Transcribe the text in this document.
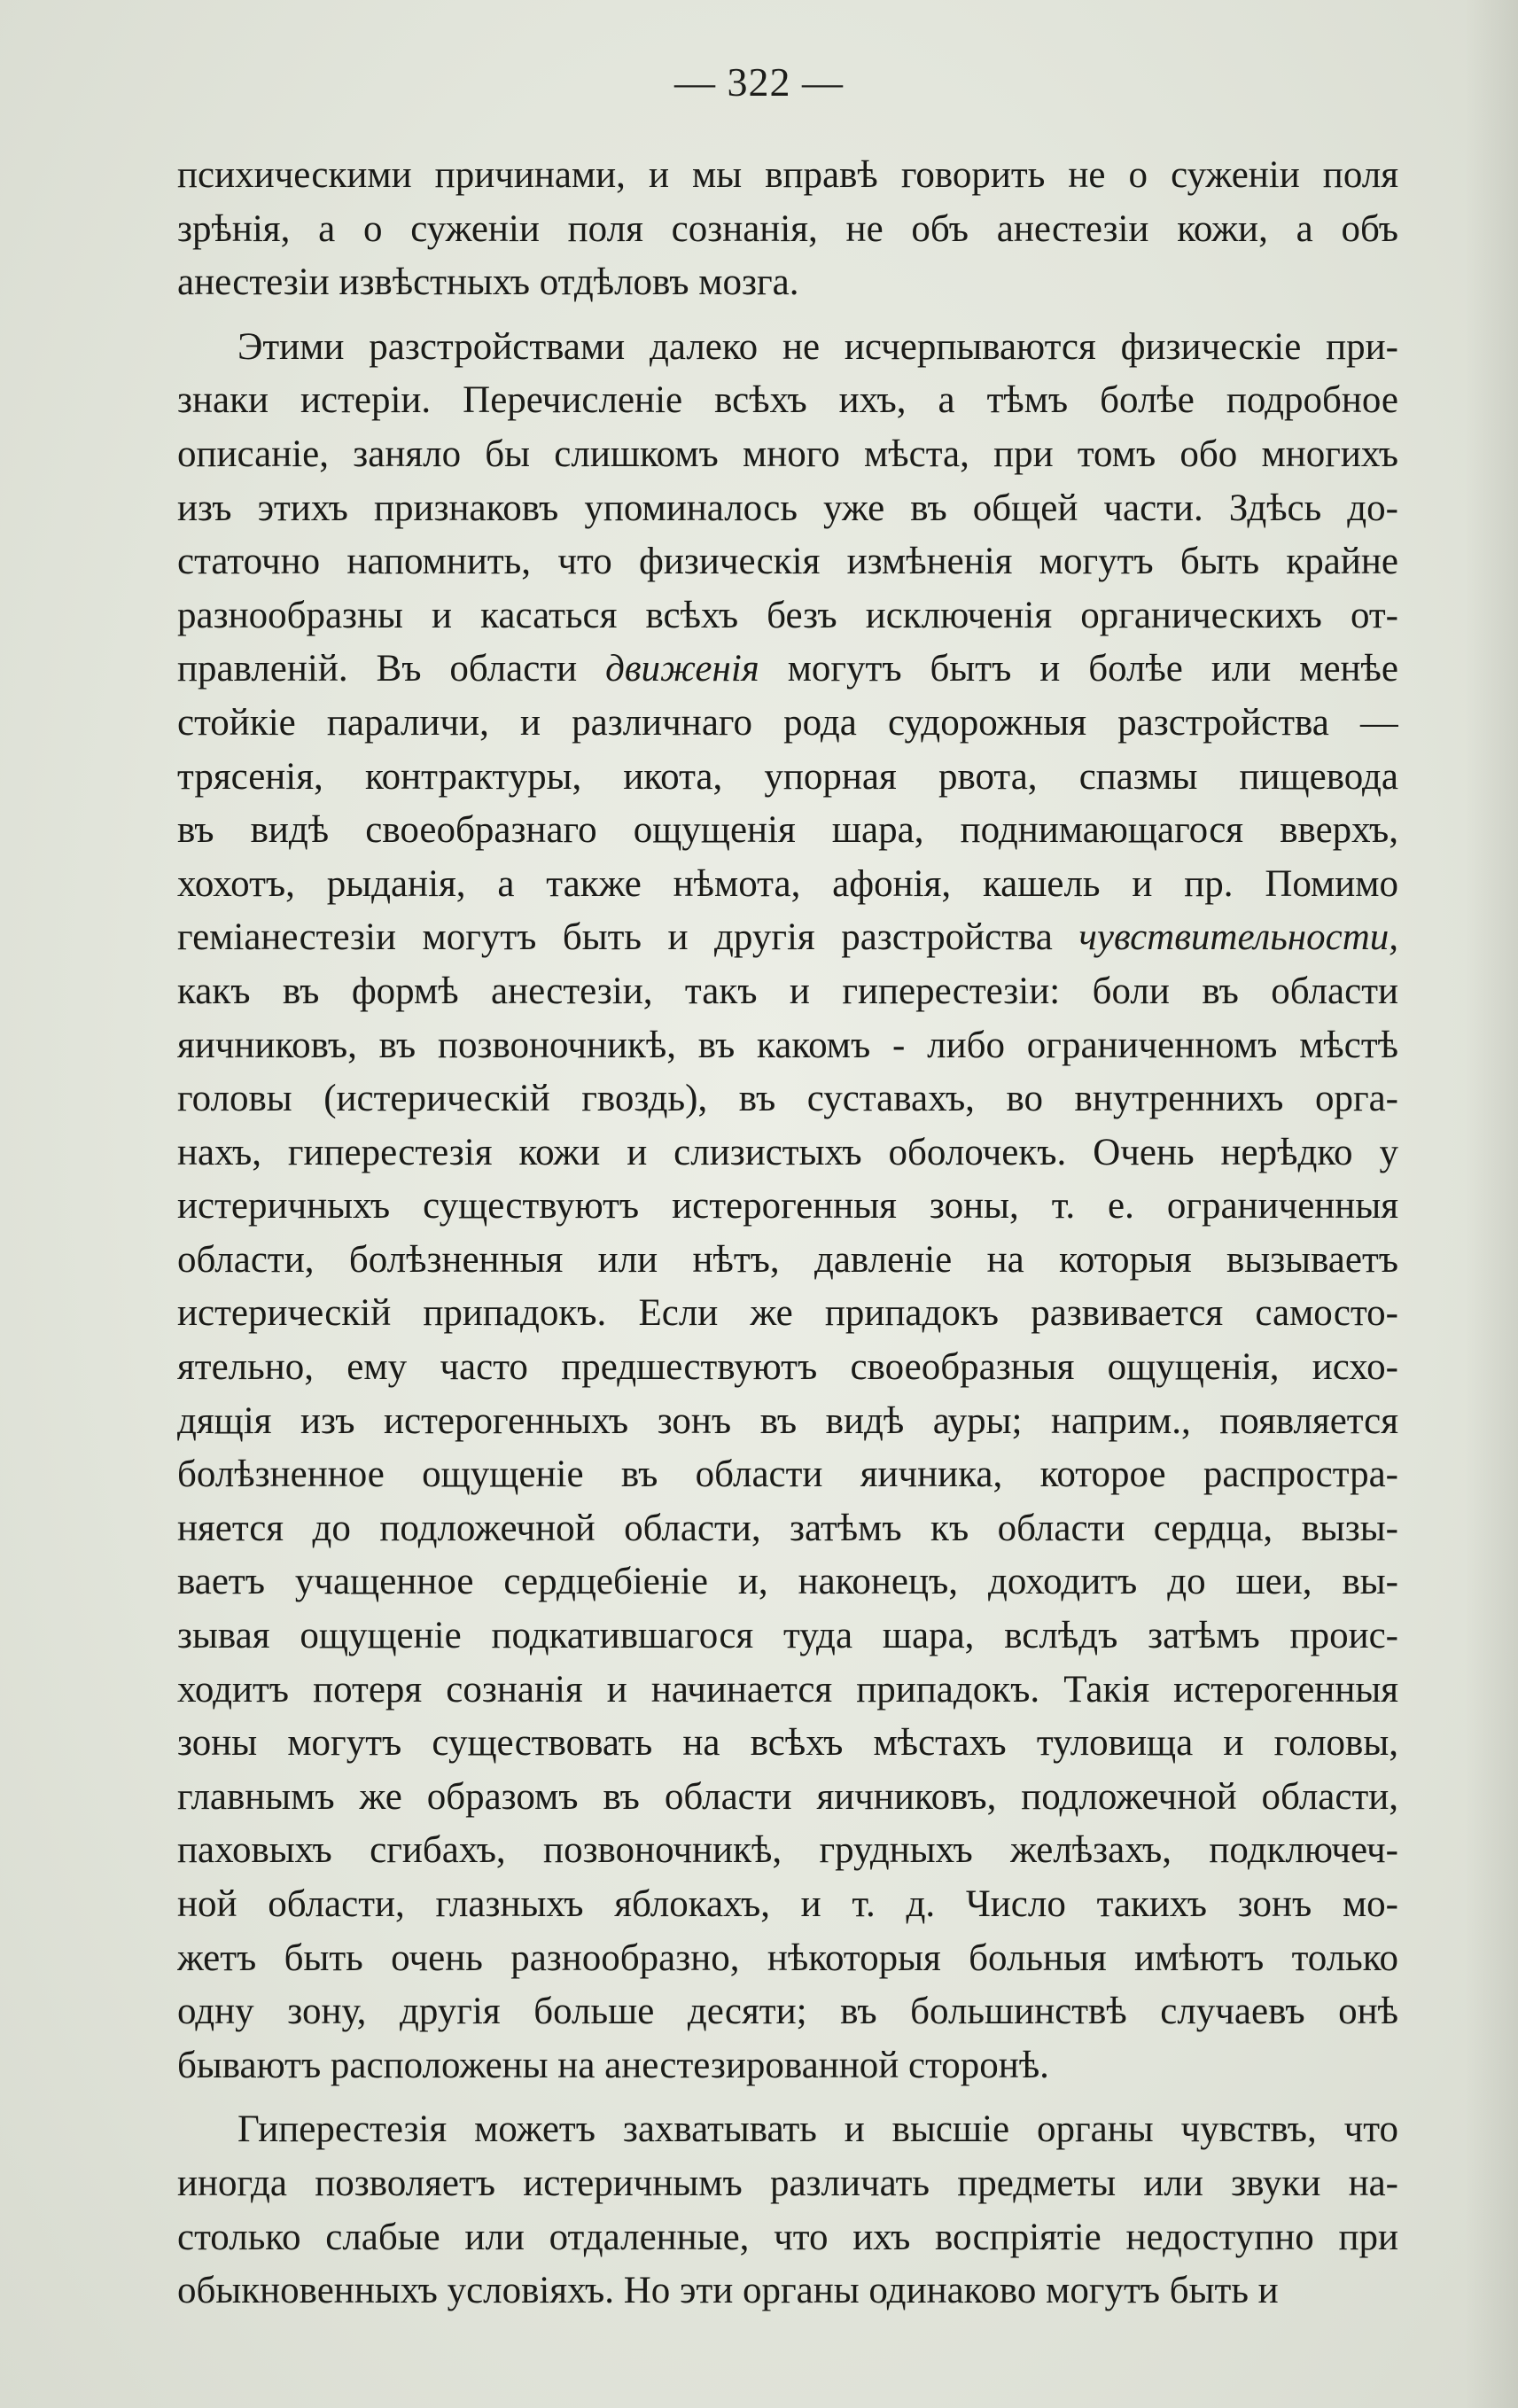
— 322 —

психическими причинами, и мы вправѣ говорить не о суженіи поля
зрѣнія, а о суженіи поля сознанія, не объ анестезіи кожи, а объ
анестезіи извѣстныхъ отдѣловъ мозга.
Этими разстройствами далеко не исчерпываются физическіе при-
знаки истеріи. Перечисленіе всѣхъ ихъ, а тѣмъ болѣе подробное
описаніе, заняло бы слишкомъ много мѣста, при томъ обо многихъ
изъ этихъ признаковъ упоминалось уже въ общей части. Здѣсь до-
статочно напомнить, что физическія измѣненія могутъ быть крайне
разнообразны и касаться всѣхъ безъ исключенія органическихъ от-
правленій. Въ области движенія могутъ бытъ и болѣе или менѣе
стойкіе параличи, и различнаго рода судорожныя разстройства —
трясенія, контрактуры, икота, упорная рвота, спазмы пищевода
въ видѣ своеобразнаго ощущенія шара, поднимающагося вверхъ,
хохотъ, рыданія, а также нѣмота, афонія, кашель и пр. Помимо
геміанестезіи могутъ быть и другія разстройства чувствительности,
какъ въ формѣ анестезіи, такъ и гиперестезіи: боли въ области
яичниковъ, въ позвоночникѣ, въ какомъ - либо ограниченномъ мѣстѣ
головы (истерическій гвоздь), въ суставахъ, во внутреннихъ орга-
нахъ, гиперестезія кожи и слизистыхъ оболочекъ. Очень нерѣдко у
истеричныхъ существуютъ истерогенныя зоны, т. е. ограниченныя
области, болѣзненныя или нѣтъ, давленіе на которыя вызываетъ
истерическій припадокъ. Если же припадокъ развивается самосто-
ятельно, ему часто предшествуютъ своеобразныя ощущенія, исхо-
дящія изъ истерогенныхъ зонъ въ видѣ ауры; наприм., появляется
болѣзненное ощущеніе въ области яичника, которое распростра-
няется до подложечной области, затѣмъ къ области сердца, вызы-
ваетъ учащенное сердцебіеніе и, наконецъ, доходитъ до шеи, вы-
зывая ощущеніе подкатившагося туда шара, вслѣдъ затѣмъ проис-
ходитъ потеря сознанія и начинается припадокъ. Такія истерогенныя
зоны могутъ существовать на всѣхъ мѣстахъ туловища и головы,
главнымъ же образомъ въ области яичниковъ, подложечной области,
паховыхъ сгибахъ, позвоночникѣ, грудныхъ желѣзахъ, подключеч-
ной области, глазныхъ яблокахъ, и т. д. Число такихъ зонъ мо-
жетъ быть очень разнообразно, нѣкоторыя больныя имѣютъ только
одну зону, другія больше десяти; въ большинствѣ случаевъ онѣ
бываютъ расположены на анестезированной сторонѣ.
Гиперестезія можетъ захватывать и высшіе органы чувствъ, что
иногда позволяетъ истеричнымъ различать предметы или звуки на-
столько слабые или отдаленные, что ихъ воспріятіе недоступно при
обыкновенныхъ условіяхъ. Но эти органы одинаково могутъ быть и
